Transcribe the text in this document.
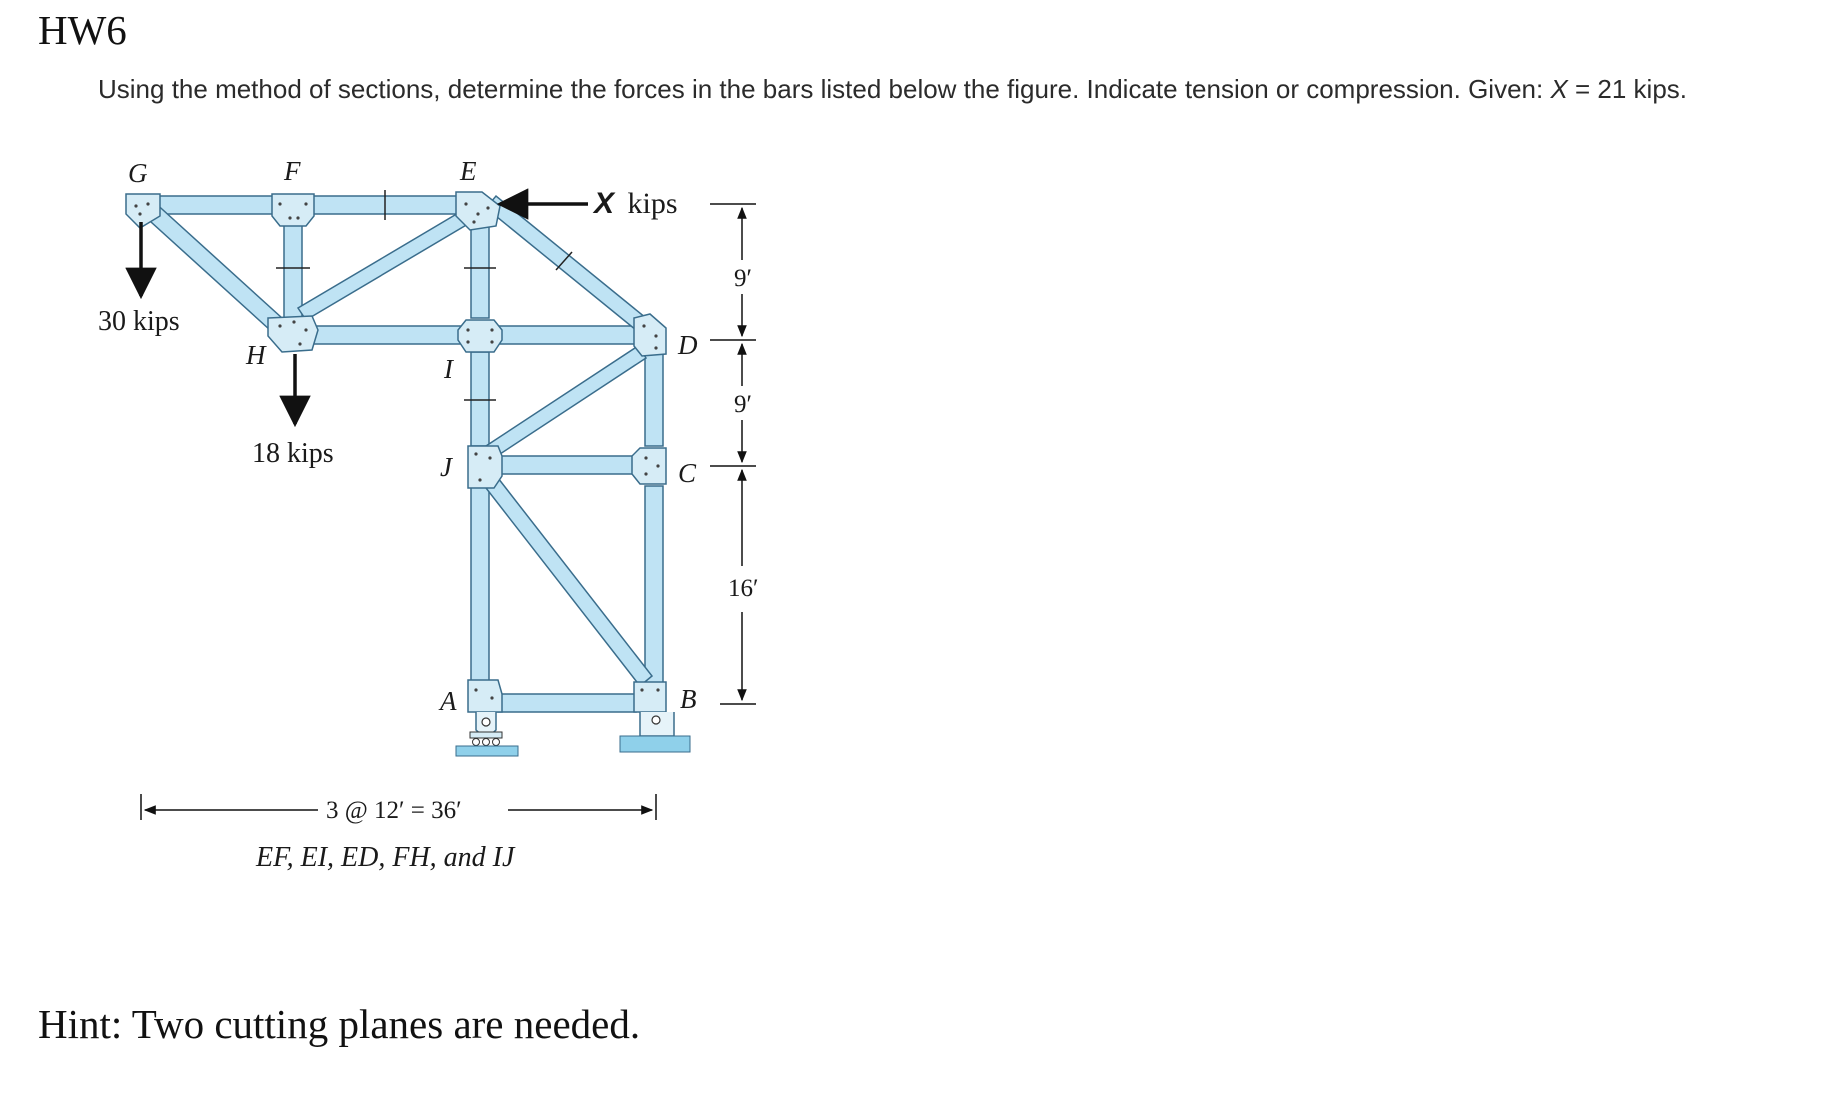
HW6
Using the method of sections, determine the forces in the bars listed below the figure. Indicate tension or compression. Given: X = 21 kips.
G	F	E
H	I
J
D
C
B
A
X kips
30 kips
18 kips
9′
9′
16′
3 @ 12′ = 36′
EF, EI, ED, FH, and IJ
Hint: Two cutting planes are needed.
